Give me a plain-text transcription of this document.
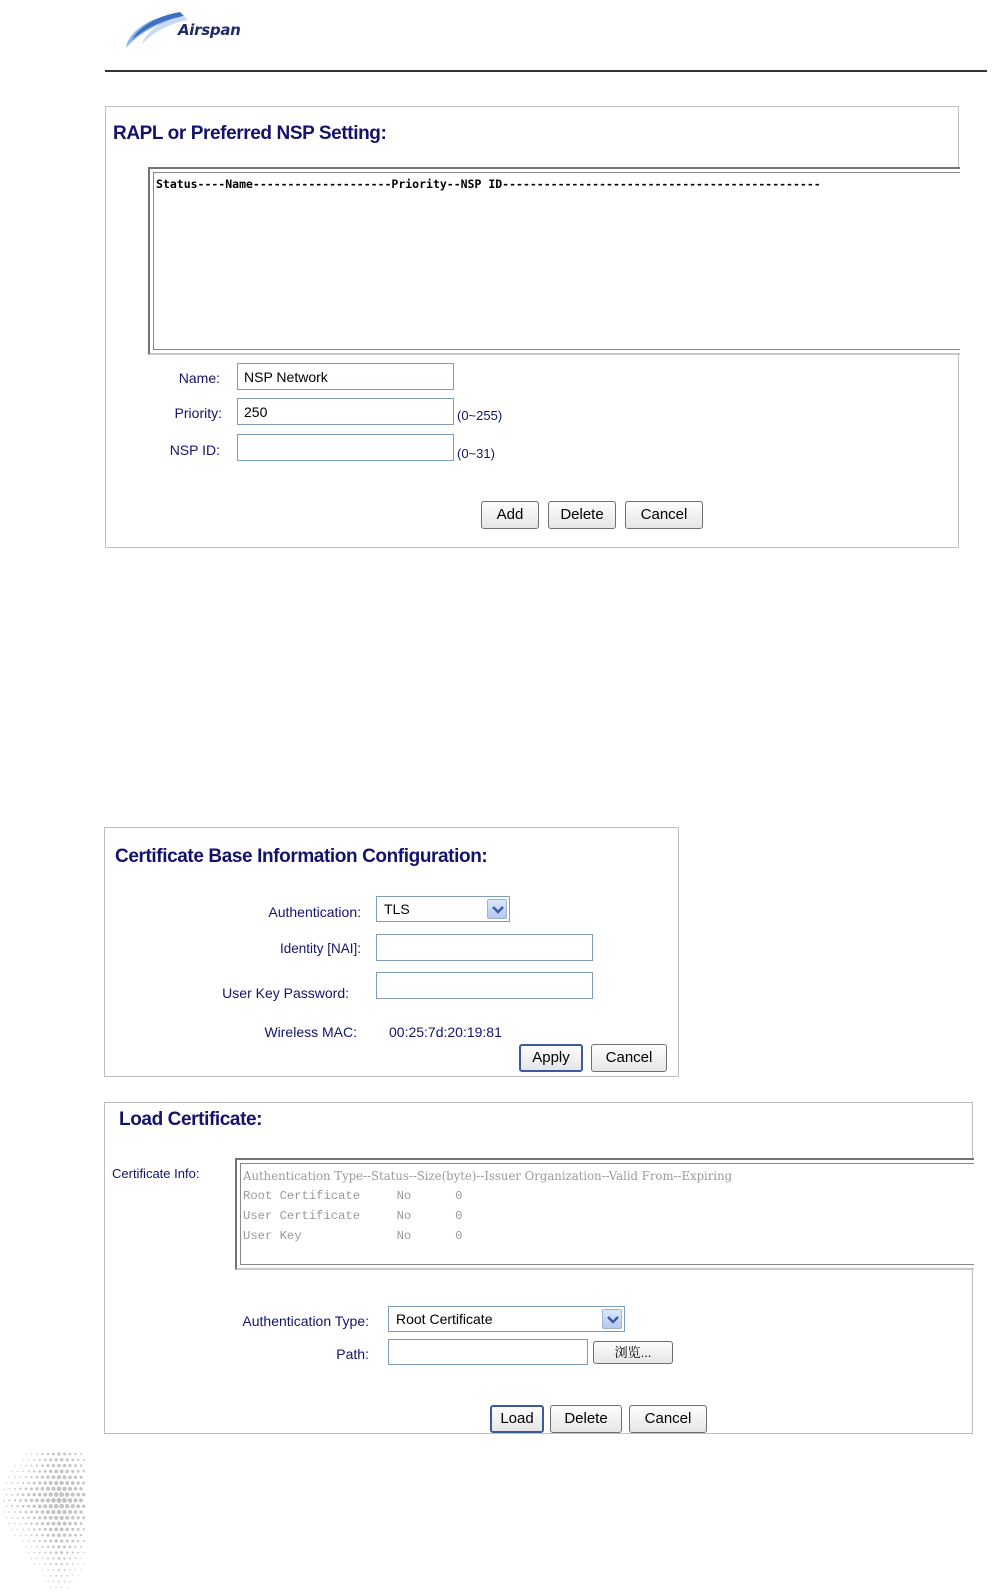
Airspan
RAPL or Preferred NSP Setting:
Status----Name--------------------Priority--NSP ID----------------------------------------------
Name:
NSP Network
Priority:
250	(0~255)
NSP ID:	(0~31)
Add	Delete	Cancel
Certificate Base Information Configuration:
Authentication: TLS
Identity [NAI]:
User Key Password:
Wireless MAC: 00:25:7d:20:19:81
Apply	Cancel
Load Certificate:
Certificate Info:	Authentication Type--Status--Size(byte)--Issuer Organization--Valid From--Expiring
Root Certificate     No      0
User Certificate     No      0
User Key             No      0
Authentication Type: Root Certificate
Path:	浏览...
Load	Delete	Cancel
